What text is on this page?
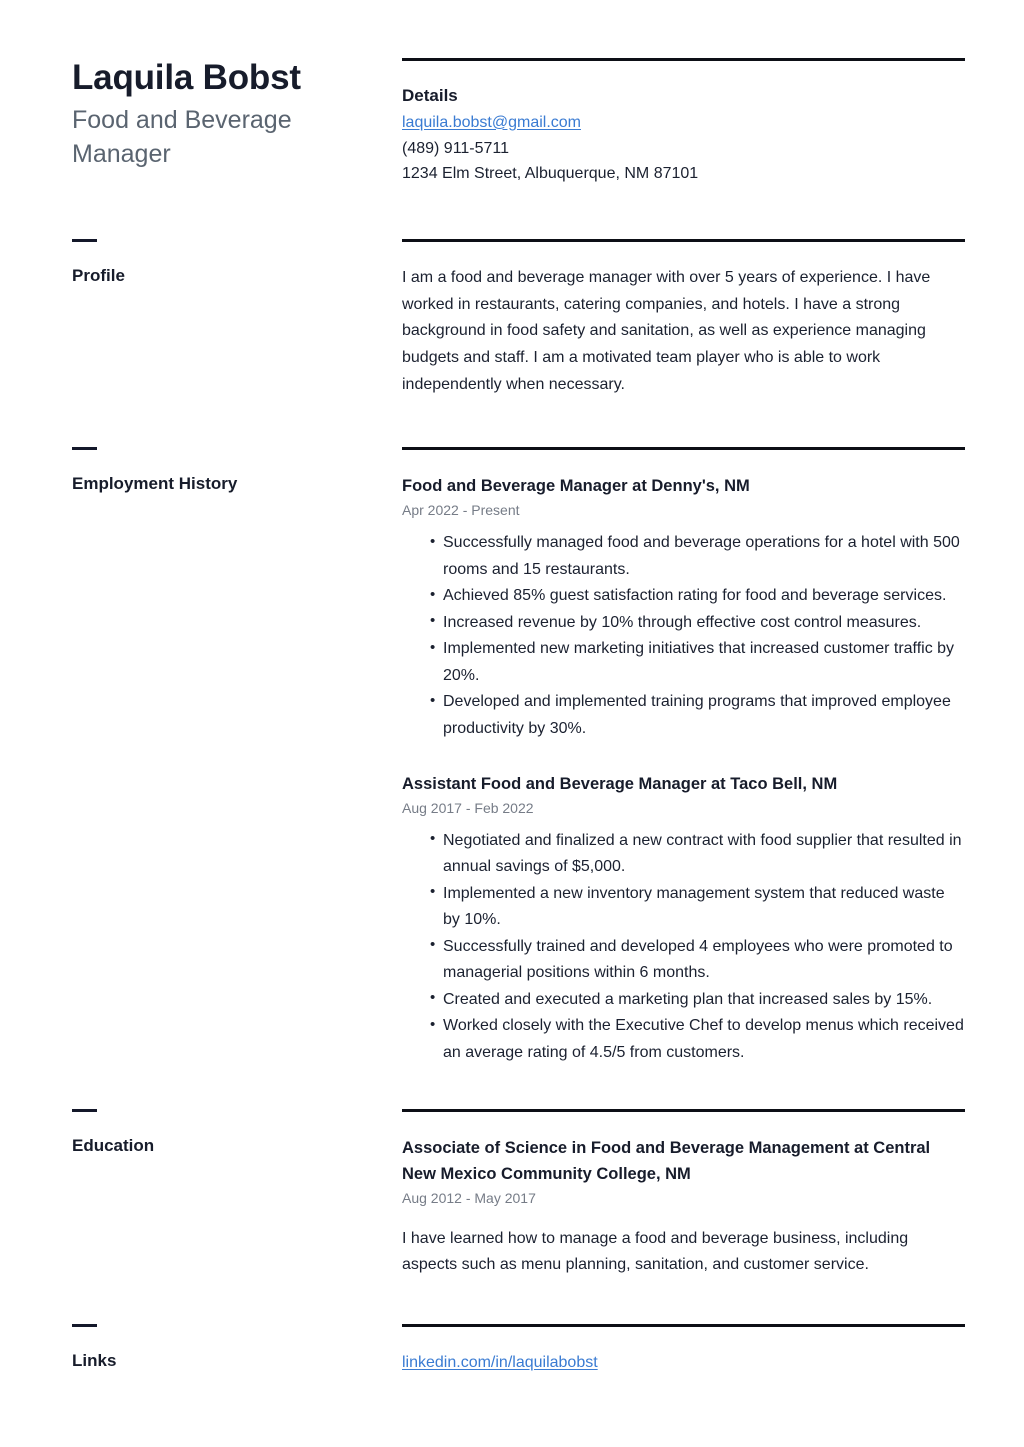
Laquila Bobst
Food and Beverage Manager
Details
laquila.bobst@gmail.com
(489) 911-5711
1234 Elm Street, Albuquerque, NM 87101
Profile	I am a food and beverage manager with over 5 years of experience. I have worked in restaurants, catering companies, and hotels. I have a strong background in food safety and sanitation, as well as experience managing budgets and staff. I am a motivated team player who is able to work independently when necessary.
Employment History	Food and Beverage Manager at Denny's, NM
Apr 2022 - Present
• Successfully managed food and beverage operations for a hotel with 500 rooms and 15 restaurants.
• Achieved 85% guest satisfaction rating for food and beverage services.
• Increased revenue by 10% through effective cost control measures.
• Implemented new marketing initiatives that increased customer traffic by 20%.
• Developed and implemented training programs that improved employee productivity by 30%.
Assistant Food and Beverage Manager at Taco Bell, NM
Aug 2017 - Feb 2022
• Negotiated and finalized a new contract with food supplier that resulted in annual savings of $5,000.
• Implemented a new inventory management system that reduced waste by 10%.
• Successfully trained and developed 4 employees who were promoted to managerial positions within 6 months.
• Created and executed a marketing plan that increased sales by 15%.
• Worked closely with the Executive Chef to develop menus which received an average rating of 4.5/5 from customers.
Education	Associate of Science in Food and Beverage Management at Central New Mexico Community College, NM
Aug 2012 - May 2017
I have learned how to manage a food and beverage business, including aspects such as menu planning, sanitation, and customer service.
Links	linkedin.com/in/laquilabobst
